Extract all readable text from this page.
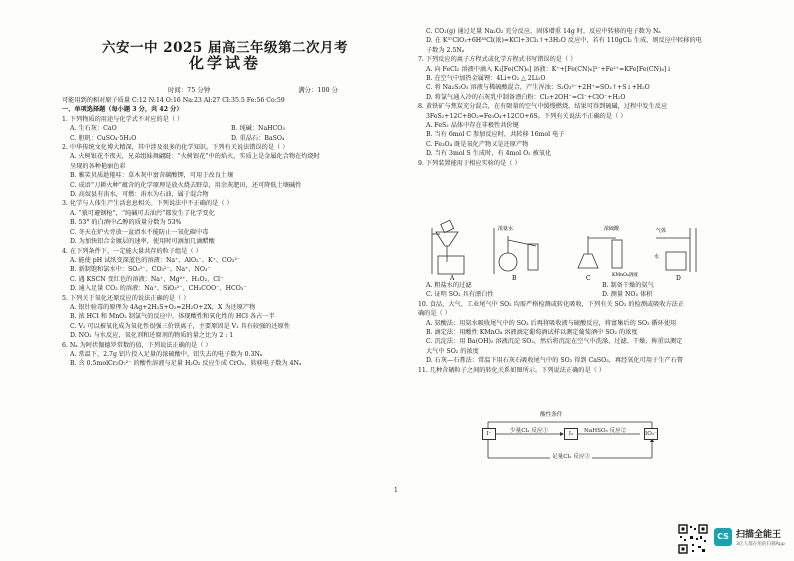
六安一中 2025 届高三年级第二次月考
化学试卷
时间：75 分钟	满分：100 分
可能用到的相对原子质量 C:12 N:14 O:16 Na:23 Al:27 Cl:35.5 Fe:56 Co:59
一、单项选择题（每小题 3 分，共 42 分）
1. 下列物质的用途与化学式不对应的是（ ）
A. 生石灰：CaO	B. 纯碱：NaHCO₃
C. 胆矾：CuSO₄·5H₂O	D. 重晶石：BaSO₄
2. 中华传统文化博大精深，其中涉及很多的化学知识。下列有关说法错误的是（ ）
A. 火树银花不夜天，兄弟组妹舞翩跹：“火树银花”中的焰火，实质上是金属化合物在灼烧时
呈现的各种艳丽色彩
B. 雅笑贝质趁倦哇：草木灰中富含碳酸钾，可用于改良土壤
C. 成语“刀耕火种”蕴含的化学原理是放火烧去野草，用余灰肥田，还可降低土壤碱性
D. 高奴县有洧水，可燃：洧水为石油，属于混合物
3. 化学与人体生产生活息息相关。下列说法中不正确的是（ ）
A. “狼可避钢枪”，“纯碱可去油污”都发生了化学变化
B. 53° 的白酒中乙醇的质量分数为 53%
C. 冬天在炉火旁放一盆清水不能防止一氧化碳中毒
D. 为加快铝合金镀层的速率，使用时可滴加几滴醋酸
4. 在下列条件下，一定能大量共存的粒子组是（ ）
A. 能使 pH 试纸变深蓝色的溶液：Na⁺、AlO₂⁻、K⁺、CO₃²⁻
B. 新制饱和氯水中：SO₃²⁻、CO₃²⁻、Na⁺、NO₃⁻
C. 遇 KSCN 变红色的溶液：Na⁺、Mg²⁺、H₂O₂、Cl⁻
D. 通入足量 CO₂ 的溶液：Na⁺、SiO₃²⁻、CH₃COO⁻、HCO₃⁻
5. 下列关于氧化还原反应的说法正确的是（ ）
A. 银针验毒的原理为 4Ag+2H₂S+O₂=2H₂O+2X，X 为还原产物
B. 浓 HCl 和 MnO₂ 制氯气的反应中，体现酸性和氧化性的 HCl 各占一半
C. V₂ 可以被氧化成为氧化性很强三价铁离子，主要原因是 V₂ 具有较强的还原性
D. NO₂ 与水反应，氧化剂和还原剂的物质的量之比为 2 : 1
6. Nₐ 为阿伏伽德罗常数的值，下列说法正确的是（ ）
A. 常温下，2.7g 铝片投入足量的浓硫酸中，铝失去的电子数为 0.3Nₐ
B. 含 0.5molCr₂O₇²⁻ 的酸性溶液与足量 H₂O₂ 反应生成 CrO₅，转移电子数为 4Nₐ
C. CO₂(g) 通过足量 Na₂O₂ 充分反应，固体增重 14g 时，反应中转移的电子数为 Nₐ
D. 在 K³⁷ClO₃+6H³⁵Cl(浓)=KCl+3Cl₂↑+3H₂O 反应中，若有 110gCl₂ 生成，则反应中转移的电
子数为 2.5Nₐ
7. 下列反应的离子方程式或化学方程式书写错误的是（ ）
A. 向 FeCl₂ 溶液中滴入 K₃[Fe(CN)₆] 溶液：K⁺+[Fe(CN)₆]³⁻+Fe²⁺=KFe[Fe(CN)₆]↓
B. 在空气中加热金属锂：4Li+O₂ △ 2Li₂O
C. 将 Na₂S₂O₃ 溶液与稀硫酸混合，产生浑浊：S₂O₃²⁻+2H⁺=SO₂↑+S↓+H₂O
D. 将氯气通入冷的石灰乳中制备漂白粉：Cl₂+2OH⁻=Cl⁻+ClO⁻+H₂O
8. 黄铁矿与焦炭充分混合，在有限量的空气中缓慢燃烧，结果可得到硫磺，过程中发生反应
3FeS₂+12C+8O₂=Fe₃O₄+12CO+6S。下列有关说法不正确的是（ ）
A. FeS₂ 晶体中存在非极性共价键
B. 当有 6mol C 参加反应时，共转移 16mol 电子
C. Fe₃O₄ 既是氧化产物又是还原产物
D. 当有 3mol S 生成时，有 4mol O₂ 被氧化
9. 下列装置能用于相应实验的是（ ）
浓氨水	浓硫酸
KMnO₄溶液
气体
水
A	B	C	D
A. 粗盐水的过滤	B. 制备干燥的氨气
C. 证明 SO₂ 具有漂白性	D. 测量 NO₂ 体积
10. 食品、大气、工业尾气中 SO₂ 均需严格检测或转化吸收，下列有关 SO₂ 的检测或吸收方法正
确的是（ ）
A. 氨酸法：用氨水吸收尾气中的 SO₂ 后再将吸收液与硫酸反应，将富集后的 SO₂ 循环使用
B. 滴定法：用酸性 KMnO₄ 溶液滴定葡萄酒试样以测定葡萄酒中 SO₂ 的浓度
C. 沉淀法：用 Ba(OH)₂ 溶液沉淀 SO₂，然后将沉淀在空气中洗涤、过滤、干燥、称重以测定
大气中 SO₂ 的浓度
D. 石灰—石膏法：常温下用石灰石吸收尾气中的 SO₂ 得到 CaSO₃，再经氧化可用于生产石膏
11. 几种含硒粒子之间的转化关系如图所示。下列说法正确的是（ ）
酸性条件
少量Cl₂ 反应①	NaHSO₃ 反应②
足量Cl₂ 反应③
I⁻	I₂	IO₃⁻
1
CS 扫描全能王
3亿人都在用的扫描App
